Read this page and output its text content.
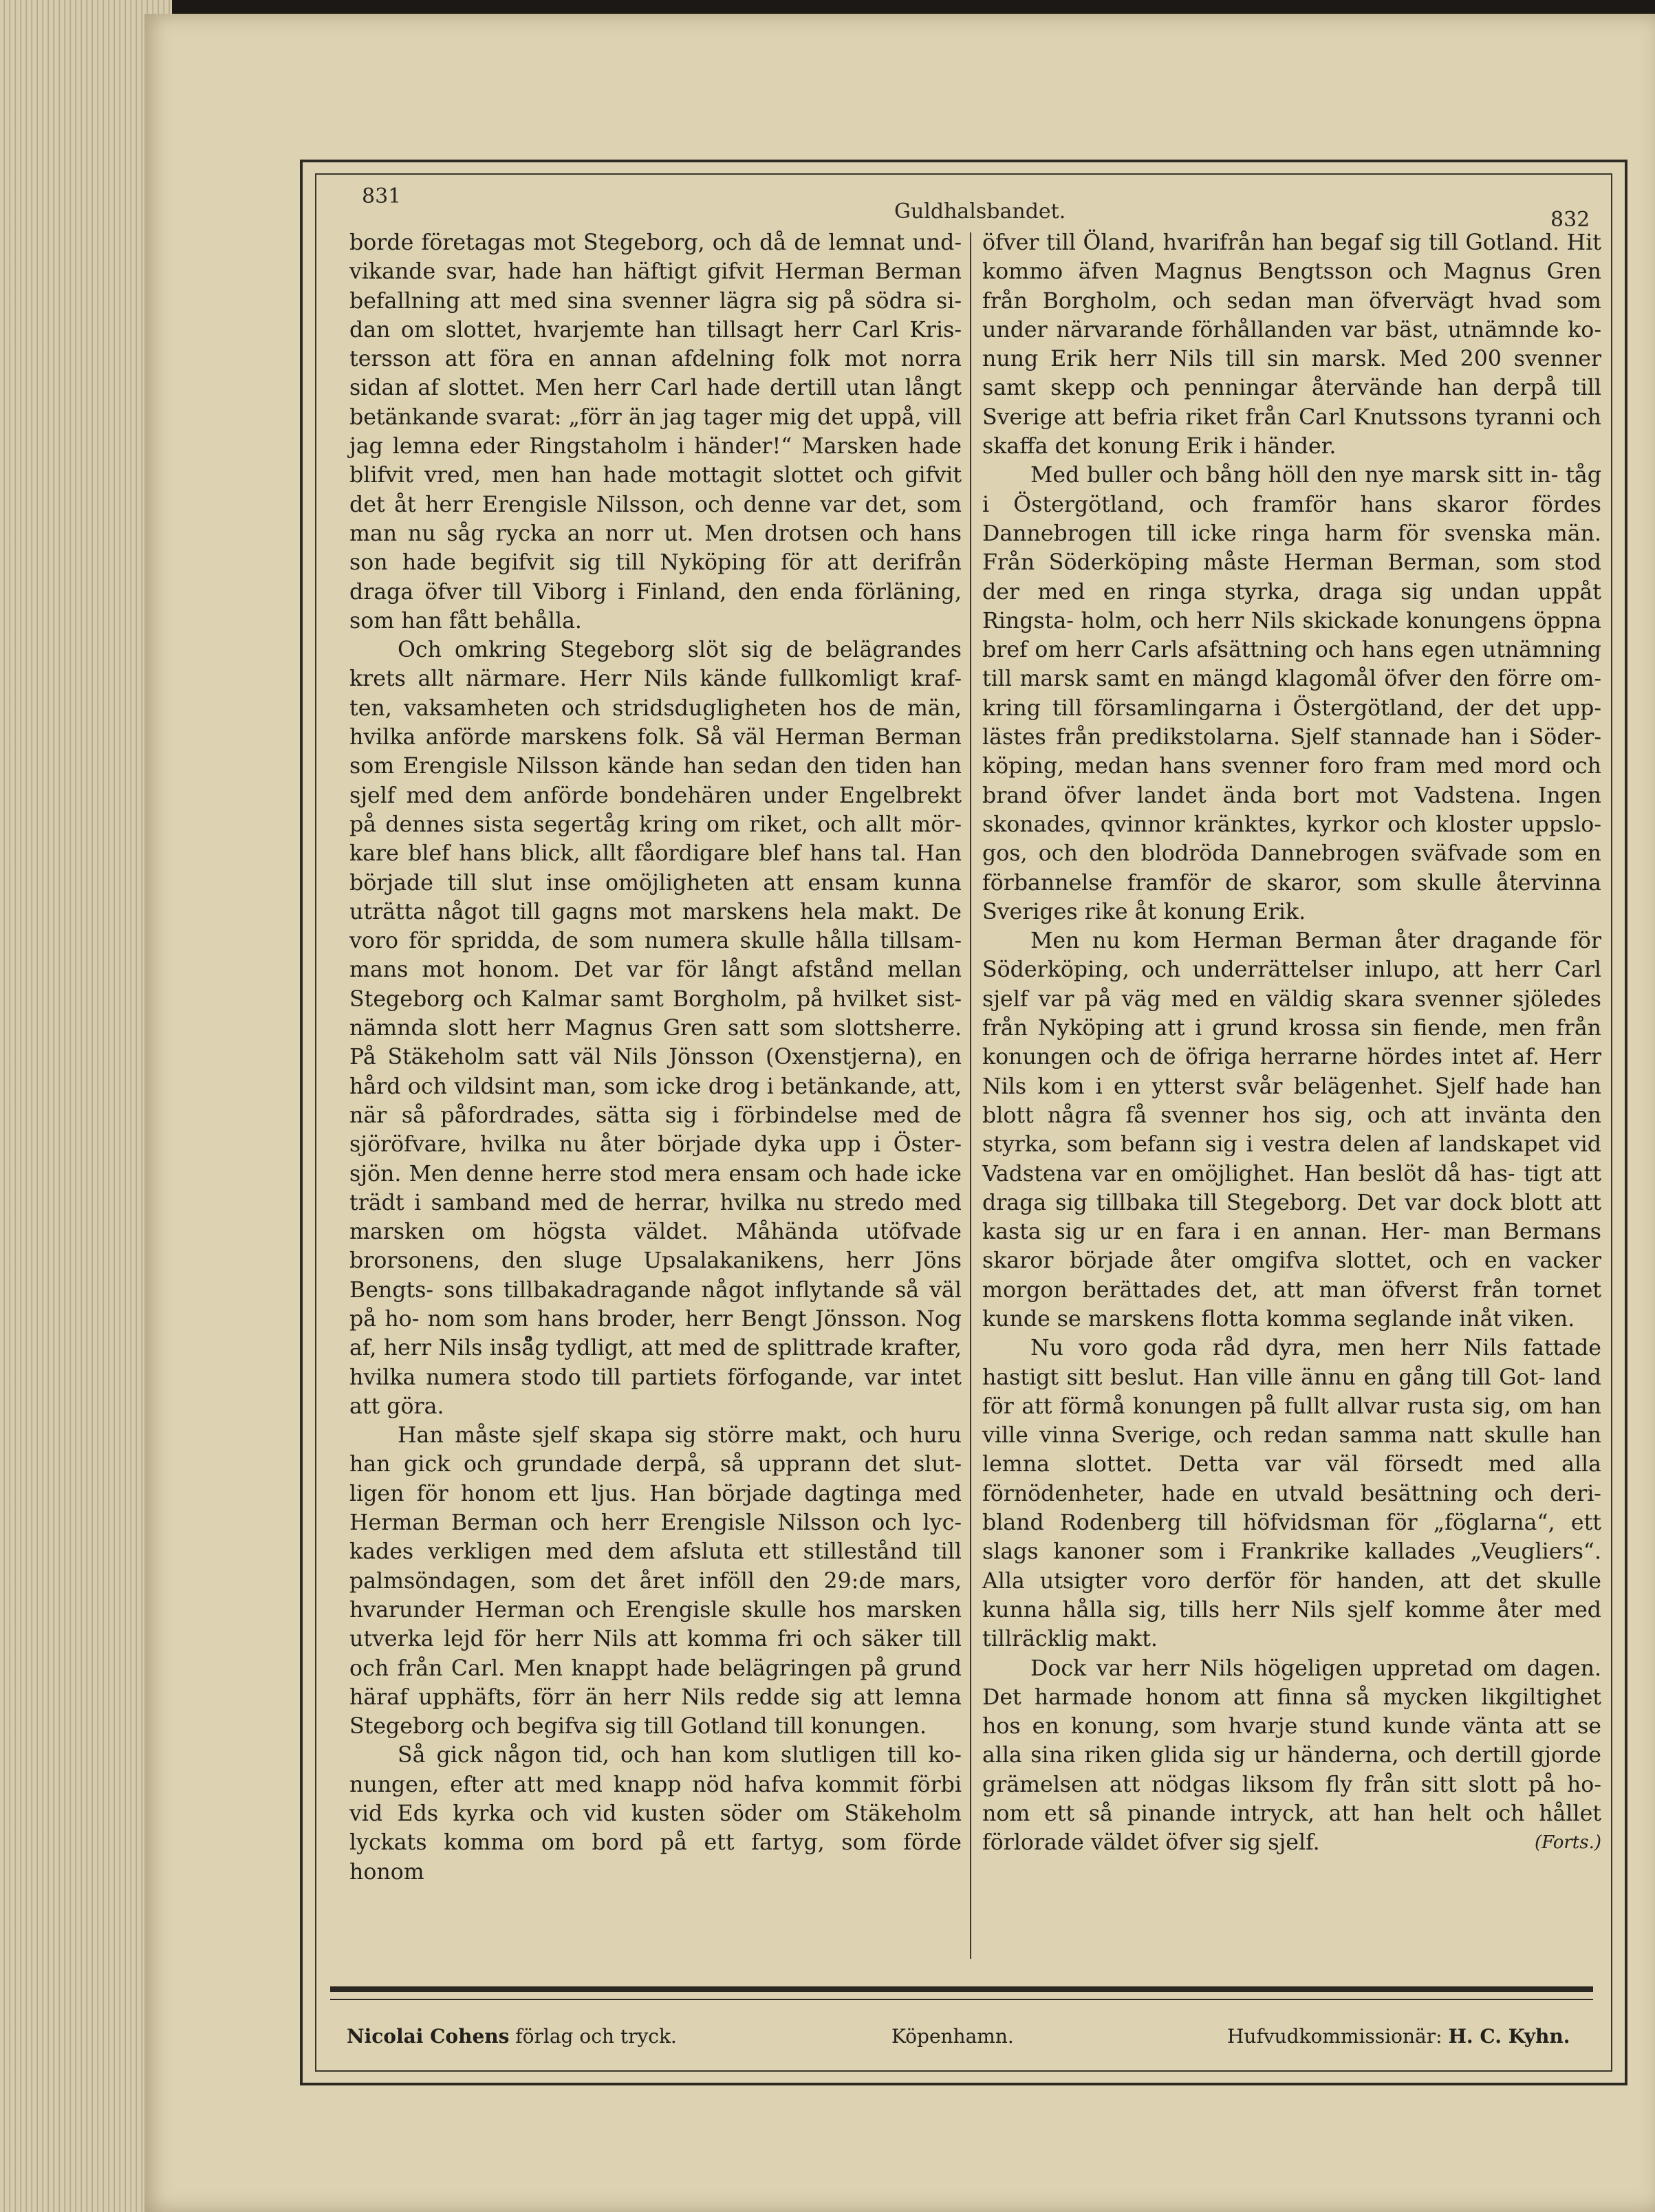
831
Guldhalsbandet.	832

borde företagas mot Stegeborg, och då de lemnat und- vikande svar, hade han häftigt gifvit Herman Berman befallning att med sina svenner lägra sig på södra si- dan om slottet, hvarjemte han tillsagt herr Carl Kris- tersson att föra en annan afdelning folk mot norra sidan af slottet. Men herr Carl hade dertill utan långt betänkande svarat: „förr än jag tager mig det uppå, vill jag lemna eder Ringstaholm i händer!“ Marsken hade blifvit vred, men han hade mottagit slottet och gifvit det åt herr Erengisle Nilsson, och denne var det, som man nu såg rycka an norr ut. Men drotsen och hans son hade begifvit sig till Nyköping för att derifrån draga öfver till Viborg i Finland, den enda förläning, som han fått behålla.

Och omkring Stegeborg slöt sig de belägrandes krets allt närmare. Herr Nils kände fullkomligt kraf- ten, vaksamheten och stridsdugligheten hos de män, hvilka anförde marskens folk. Så väl Herman Berman som Erengisle Nilsson kände han sedan den tiden han sjelf med dem anförde bondehären under Engelbrekt på dennes sista segertåg kring om riket, och allt mör- kare blef hans blick, allt fåordigare blef hans tal. Han började till slut inse omöjligheten att ensam kunna uträtta något till gagns mot marskens hela makt. De voro för spridda, de som numera skulle hålla tillsam- mans mot honom. Det var för långt afstånd mellan Stegeborg och Kalmar samt Borgholm, på hvilket sist- nämnda slott herr Magnus Gren satt som slottsherre. På Stäkeholm satt väl Nils Jönsson (Oxenstjerna), en hård och vildsint man, som icke drog i betänkande, att, när så påfordrades, sätta sig i förbindelse med de sjöröfvare, hvilka nu åter började dyka upp i Öster- sjön. Men denne herre stod mera ensam och hade icke trädt i samband med de herrar, hvilka nu stredo med marsken om högsta väldet. Måhända utöfvade brorsonens, den sluge Upsalakanikens, herr Jöns Bengts- sons tillbakadragande något inflytande så väl på ho- nom som hans broder, herr Bengt Jönsson. Nog af, herr Nils inså̊g tydligt, att med de splittrade krafter, hvilka numera stodo till partiets förfogande, var intet att göra.

Han måste sjelf skapa sig större makt, och huru han gick och grundade derpå, så upprann det slut- ligen för honom ett ljus. Han började dagtinga med Herman Berman och herr Erengisle Nilsson och lyc- kades verkligen med dem afsluta ett stillestånd till palmsöndagen, som det året inföll den 29:de mars, hvarunder Herman och Erengisle skulle hos marsken utverka lejd för herr Nils att komma fri och säker till och från Carl. Men knappt hade belägringen på grund häraf upphäfts, förr än herr Nils redde sig att lemna Stegeborg och begifva sig till Gotland till konungen.

Så gick någon tid, och han kom slutligen till ko- nungen, efter att med knapp nöd hafva kommit förbi vid Eds kyrka och vid kusten söder om Stäkeholm lyckats komma om bord på ett fartyg, som förde honom

öfver till Öland, hvarifrån han begaf sig till Gotland. Hit kommo äfven Magnus Bengtsson och Magnus Gren från Borgholm, och sedan man öfvervägt hvad som under närvarande förhållanden var bäst, utnämnde ko- nung Erik herr Nils till sin marsk. Med 200 svenner samt skepp och penningar återvände han derpå till Sverige att befria riket från Carl Knutssons tyranni och skaffa det konung Erik i händer.

Med buller och bång höll den nye marsk sitt in- tåg i Östergötland, och framför hans skaror fördes Dannebrogen till icke ringa harm för svenska män. Från Söderköping måste Herman Berman, som stod der med en ringa styrka, draga sig undan uppåt Ringsta- holm, och herr Nils skickade konungens öppna bref om herr Carls afsättning och hans egen utnämning till marsk samt en mängd klagomål öfver den förre om- kring till församlingarna i Östergötland, der det upp- lästes från predikstolarna. Sjelf stannade han i Söder- köping, medan hans svenner foro fram med mord och brand öfver landet ända bort mot Vadstena. Ingen skonades, qvinnor kränktes, kyrkor och kloster uppslo- gos, och den blodröda Dannebrogen sväfvade som en förbannelse framför de skaror, som skulle återvinna Sveriges rike åt konung Erik.

Men nu kom Herman Berman åter dragande för Söderköping, och underrättelser inlupo, att herr Carl sjelf var på väg med en väldig skara svenner sjöledes från Nyköping att i grund krossa sin fiende, men från konungen och de öfriga herrarne hördes intet af. Herr Nils kom i en ytterst svår belägenhet. Sjelf hade han blott några få svenner hos sig, och att invänta den styrka, som befann sig i vestra delen af landskapet vid Vadstena var en omöjlighet. Han beslöt då has- tigt att draga sig tillbaka till Stegeborg. Det var dock blott att kasta sig ur en fara i en annan. Her- man Bermans skaror började åter omgifva slottet, och en vacker morgon berättades det, att man öfverst från tornet kunde se marskens flotta komma seglande inåt viken.

Nu voro goda råd dyra, men herr Nils fattade hastigt sitt beslut. Han ville ännu en gång till Got- land för att förmå konungen på fullt allvar rusta sig, om han ville vinna Sverige, och redan samma natt skulle han lemna slottet. Detta var väl försedt med alla förnödenheter, hade en utvald besättning och deri- bland Rodenberg till höfvidsman för „föglarna“, ett slags kanoner som i Frankrike kallades „Veugliers“. Alla utsigter voro derför för handen, att det skulle kunna hålla sig, tills herr Nils sjelf komme åter med tillräcklig makt.

Dock var herr Nils högeligen uppretad om dagen. Det harmade honom att finna så mycken likgiltighet hos en konung, som hvarje stund kunde vänta att se alla sina riken glida sig ur händerna, och dertill gjorde grämelsen att nödgas liksom fly från sitt slott på ho- nom ett så pinande intryck, att han helt och hållet förlorade väldet öfver sig sjelf.	(Forts.)

Nicolai Cohens förlag och tryck.	Köpenhamn.	Hufvudkommissionär: H. C. Kyhn.
